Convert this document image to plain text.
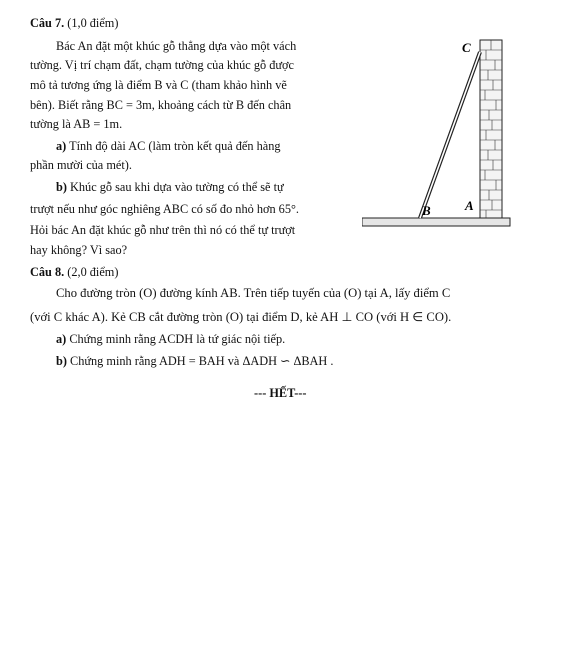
Câu 7. (1,0 điểm)
Bác An đặt một khúc gỗ thẳng dựa vào một vách
tường. Vị trí chạm đất, chạm tường của khúc gỗ được
mô tả tương ứng là điểm B và C (tham khảo hình vẽ
bên). Biết rằng BC = 3m, khoảng cách từ B đến chân
tường là AB = 1m.
a) Tính độ dài AC (làm tròn kết quả đến hàng
phần mười của mét).
b) Khúc gỗ sau khi dựa vào tường có thể sẽ tự
trượt nếu như góc nghiêng ABC có số đo nhỏ hơn 65°.
Hỏi bác An đặt khúc gỗ như trên thì nó có thể tự trượt
hay không? Vì sao?
C
B	A
Câu 8. (2,0 điểm)
Cho đường tròn (O) đường kính AB. Trên tiếp tuyến của (O) tại A, lấy điểm C
(với C khác A). Kẻ CB cắt đường tròn (O) tại điểm D, kẻ AH ⊥ CO (với H ∈ CO).
a) Chứng minh rằng ACDH là tứ giác nội tiếp.
b) Chứng minh rằng ADH = BAH và ΔADH ∽ ΔBAH .
--- HẾT---
